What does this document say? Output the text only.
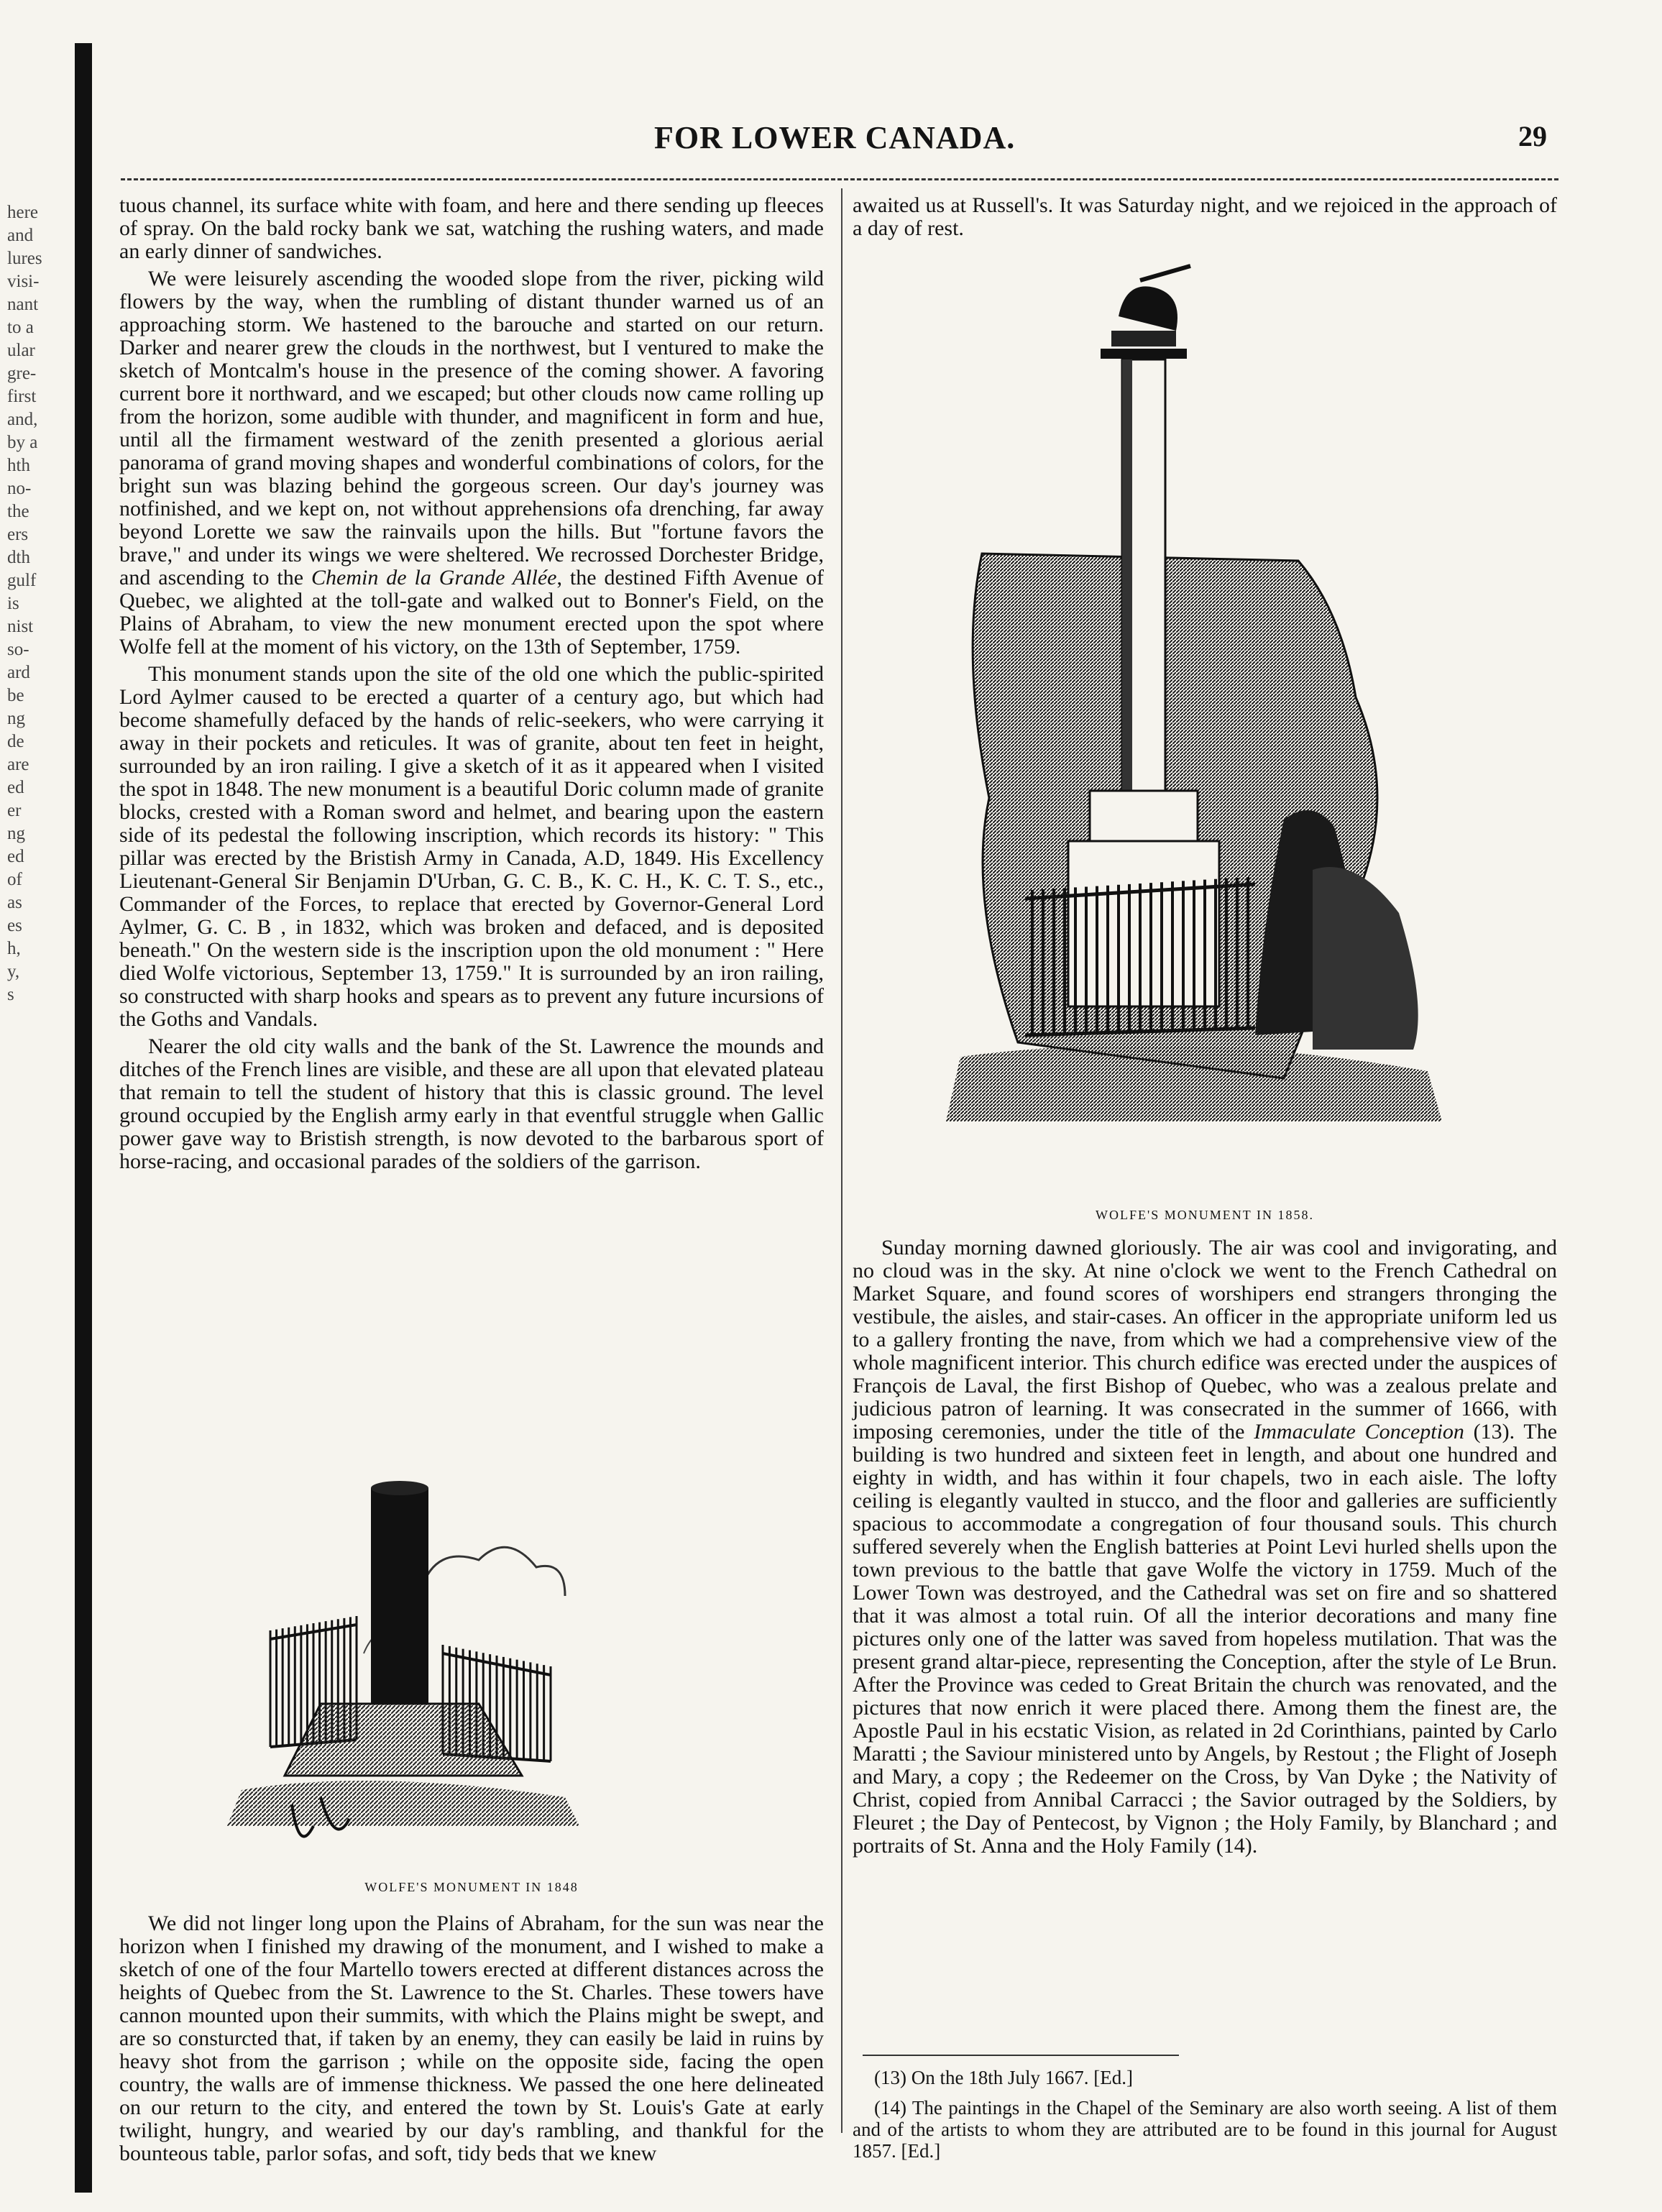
here
and
lures
visi-
nant
to a
ular
gre-
first
and,
by a
hth
no-
the
ers
dth
gulf
is
nist
so-
ard
be
ng
de
are
ed
er
ng
ed
of
as
es
h,
y,
s
FOR LOWER CANADA.	29

tuous channel, its surface white with foam, and here and there sending up fleeces of spray. On the bald rocky bank we sat, watching the rushing waters, and made an early dinner of sandwiches.

We were leisurely ascending the wooded slope from the river, picking wild flowers by the way, when the rumbling of distant thunder warned us of an approaching storm. We hastened to the barouche and started on our return. Darker and nearer grew the clouds in the northwest, but I ventured to make the sketch of Montcalm's house in the presence of the coming shower. A favoring current bore it northward, and we escaped; but other clouds now came rolling up from the horizon, some audible with thunder, and magnificent in form and hue, until all the firmament westward of the zenith presented a glorious aerial panorama of grand moving shapes and wonderful combinations of colors, for the bright sun was blazing behind the gorgeous screen. Our day's journey was notfinished, and we kept on, not without apprehensions ofa drenching, far away beyond Lorette we saw the rainvails upon the hills. But "fortune favors the brave," and under its wings we were sheltered. We recrossed Dorchester Bridge, and ascending to the Chemin de la Grande Allée, the destined Fifth Avenue of Quebec, we alighted at the toll-gate and walked out to Bonner's Field, on the Plains of Abraham, to view the new monument erected upon the spot where Wolfe fell at the moment of his victory, on the 13th of September, 1759.

This monument stands upon the site of the old one which the public-spirited Lord Aylmer caused to be erected a quarter of a century ago, but which had become shamefully defaced by the hands of relic-seekers, who were carrying it away in their pockets and reticules. It was of granite, about ten feet in height, surrounded by an iron railing. I give a sketch of it as it appeared when I visited the spot in 1848. The new monument is a beautiful Doric column made of granite blocks, crested with a Roman sword and helmet, and bearing upon the eastern side of its pedestal the following inscription, which records its history: " This pillar was erected by the Bristish Army in Canada, A.D, 1849. His Excellency Lieutenant-General Sir Benjamin D'Urban, G. C. B., K. C. H., K. C. T. S., etc., Commander of the Forces, to replace that erected by Governor-General Lord Aylmer, G. C. B , in 1832, which was broken and defaced, and is deposited beneath." On the western side is the inscription upon the old monument : " Here died Wolfe victorious, September 13, 1759." It is surrounded by an iron railing, so constructed with sharp hooks and spears as to prevent any future incursions of the Goths and Vandals.

Nearer the old city walls and the bank of the St. Lawrence the mounds and ditches of the French lines are visible, and these are all upon that elevated plateau that remain to tell the student of history that this is classic ground. The level ground occupied by the English army early in that eventful struggle when Gallic power gave way to Bristish strength, is now devoted to the barbarous sport of horse-racing, and occasional parades of the soldiers of the garrison.

WOLFE'S MONUMENT IN 1848
We did not linger long upon the Plains of Abraham, for the sun was near the horizon when I finished my drawing of the monument, and I wished to make a sketch of one of the four Martello towers erected at different distances across the heights of Quebec from the St. Lawrence to the St. Charles. These towers have cannon mounted upon their summits, with which the Plains might be swept, and are so consturcted that, if taken by an enemy, they can easily be laid in ruins by heavy shot from the garrison ; while on the opposite side, facing the open country, the walls are of immense thickness. We passed the one here delineated on our return to the city, and entered the town by St. Louis's Gate at early twilight, hungry, and wearied by our day's rambling, and thankful for the bounteous table, parlor sofas, and soft, tidy beds that we knew

awaited us at Russell's. It was Saturday night, and we rejoiced in the approach of a day of rest.

WOLFE'S MONUMENT IN 1858.
Sunday morning dawned gloriously. The air was cool and invigorating, and no cloud was in the sky. At nine o'clock we went to the French Cathedral on Market Square, and found scores of worshipers end strangers thronging the vestibule, the aisles, and stair-cases. An officer in the appropriate uniform led us to a gallery fronting the nave, from which we had a comprehensive view of the whole magnificent interior. This church edifice was erected under the auspices of François de Laval, the first Bishop of Quebec, who was a zealous prelate and judicious patron of learning. It was consecrated in the summer of 1666, with imposing ceremonies, under the title of the Immaculate Conception (13). The building is two hundred and sixteen feet in length, and about one hundred and eighty in width, and has within it four chapels, two in each aisle. The lofty ceiling is elegantly vaulted in stucco, and the floor and galleries are sufficiently spacious to accommodate a congregation of four thousand souls. This church suffered severely when the English batteries at Point Levi hurled shells upon the town previous to the battle that gave Wolfe the victory in 1759. Much of the Lower Town was destroyed, and the Cathedral was set on fire and so shattered that it was almost a total ruin. Of all the interior decorations and many fine pictures only one of the latter was saved from hopeless mutilation. That was the present grand altar-piece, representing the Conception, after the style of Le Brun. After the Province was ceded to Great Britain the church was renovated, and the pictures that now enrich it were placed there. Among them the finest are, the Apostle Paul in his ecstatic Vision, as related in 2d Corinthians, painted by Carlo Maratti ; the Saviour ministered unto by Angels, by Restout ; the Flight of Joseph and Mary, a copy ; the Redeemer on the Cross, by Van Dyke ; the Nativity of Christ, copied from Annibal Carracci ; the Savior outraged by the Soldiers, by Fleuret ; the Day of Pentecost, by Vignon ; the Holy Family, by Blanchard ; and portraits of St. Anna and the Holy Family (14).

(13) On the 18th July 1667. [Ed.]

(14) The paintings in the Chapel of the Seminary are also worth seeing. A list of them and of the artists to whom they are attributed are to be found in this journal for August 1857. [Ed.]
